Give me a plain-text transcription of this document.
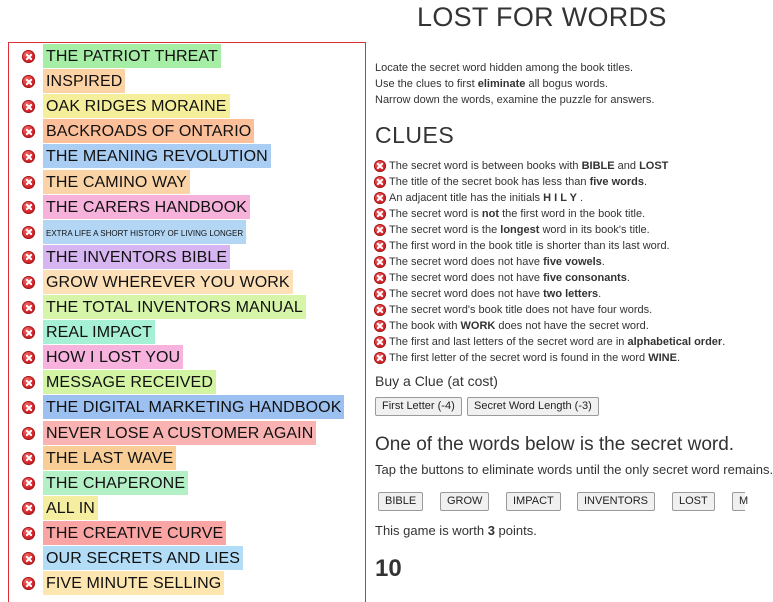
THE PATRIOT THREAT
INSPIRED
OAK RIDGES MORAINE
BACKROADS OF ONTARIO
THE MEANING REVOLUTION
THE CAMINO WAY
THE CARERS HANDBOOK
EXTRA LIFE A SHORT HISTORY OF LIVING LONGER
THE INVENTORS BIBLE
GROW WHEREVER YOU WORK
THE TOTAL INVENTORS MANUAL
REAL IMPACT
HOW I LOST YOU
MESSAGE RECEIVED
THE DIGITAL MARKETING HANDBOOK
NEVER LOSE A CUSTOMER AGAIN
THE LAST WAVE
THE CHAPERONE
ALL IN
THE CREATIVE CURVE
OUR SECRETS AND LIES
FIVE MINUTE SELLING
LOST FOR WORDS
Locate the secret word hidden among the book titles.
Use the clues to first eliminate all bogus words.
Narrow down the words, examine the puzzle for answers.
CLUES
The secret word is between books with BIBLE and LOST
The title of the secret book has less than five words .
An adjacent title has the initials H I L Y .
The secret word is not the first word in the book title.
The secret word is the longest word in its book's title.
The first word in the book title is shorter than its last word.
The secret word does not have five vowels .
The secret word does not have five consonants .
The secret word does not have two letters .
The secret word's book title does not have four words.
The book with WORK does not have the secret word.
The first and last letters of the secret word are in alphabetical order .
The first letter of the secret word is found in the word WINE .
Buy a Clue (at cost)
First Letter (-4)	Secret Word Length (-3)
One of the words below is the secret word.
Tap the buttons to eliminate words until the only secret word remains.
BIBLE	GROW	IMPACT	INVENTORS	LOST	M
This game is worth 3 points.
10
